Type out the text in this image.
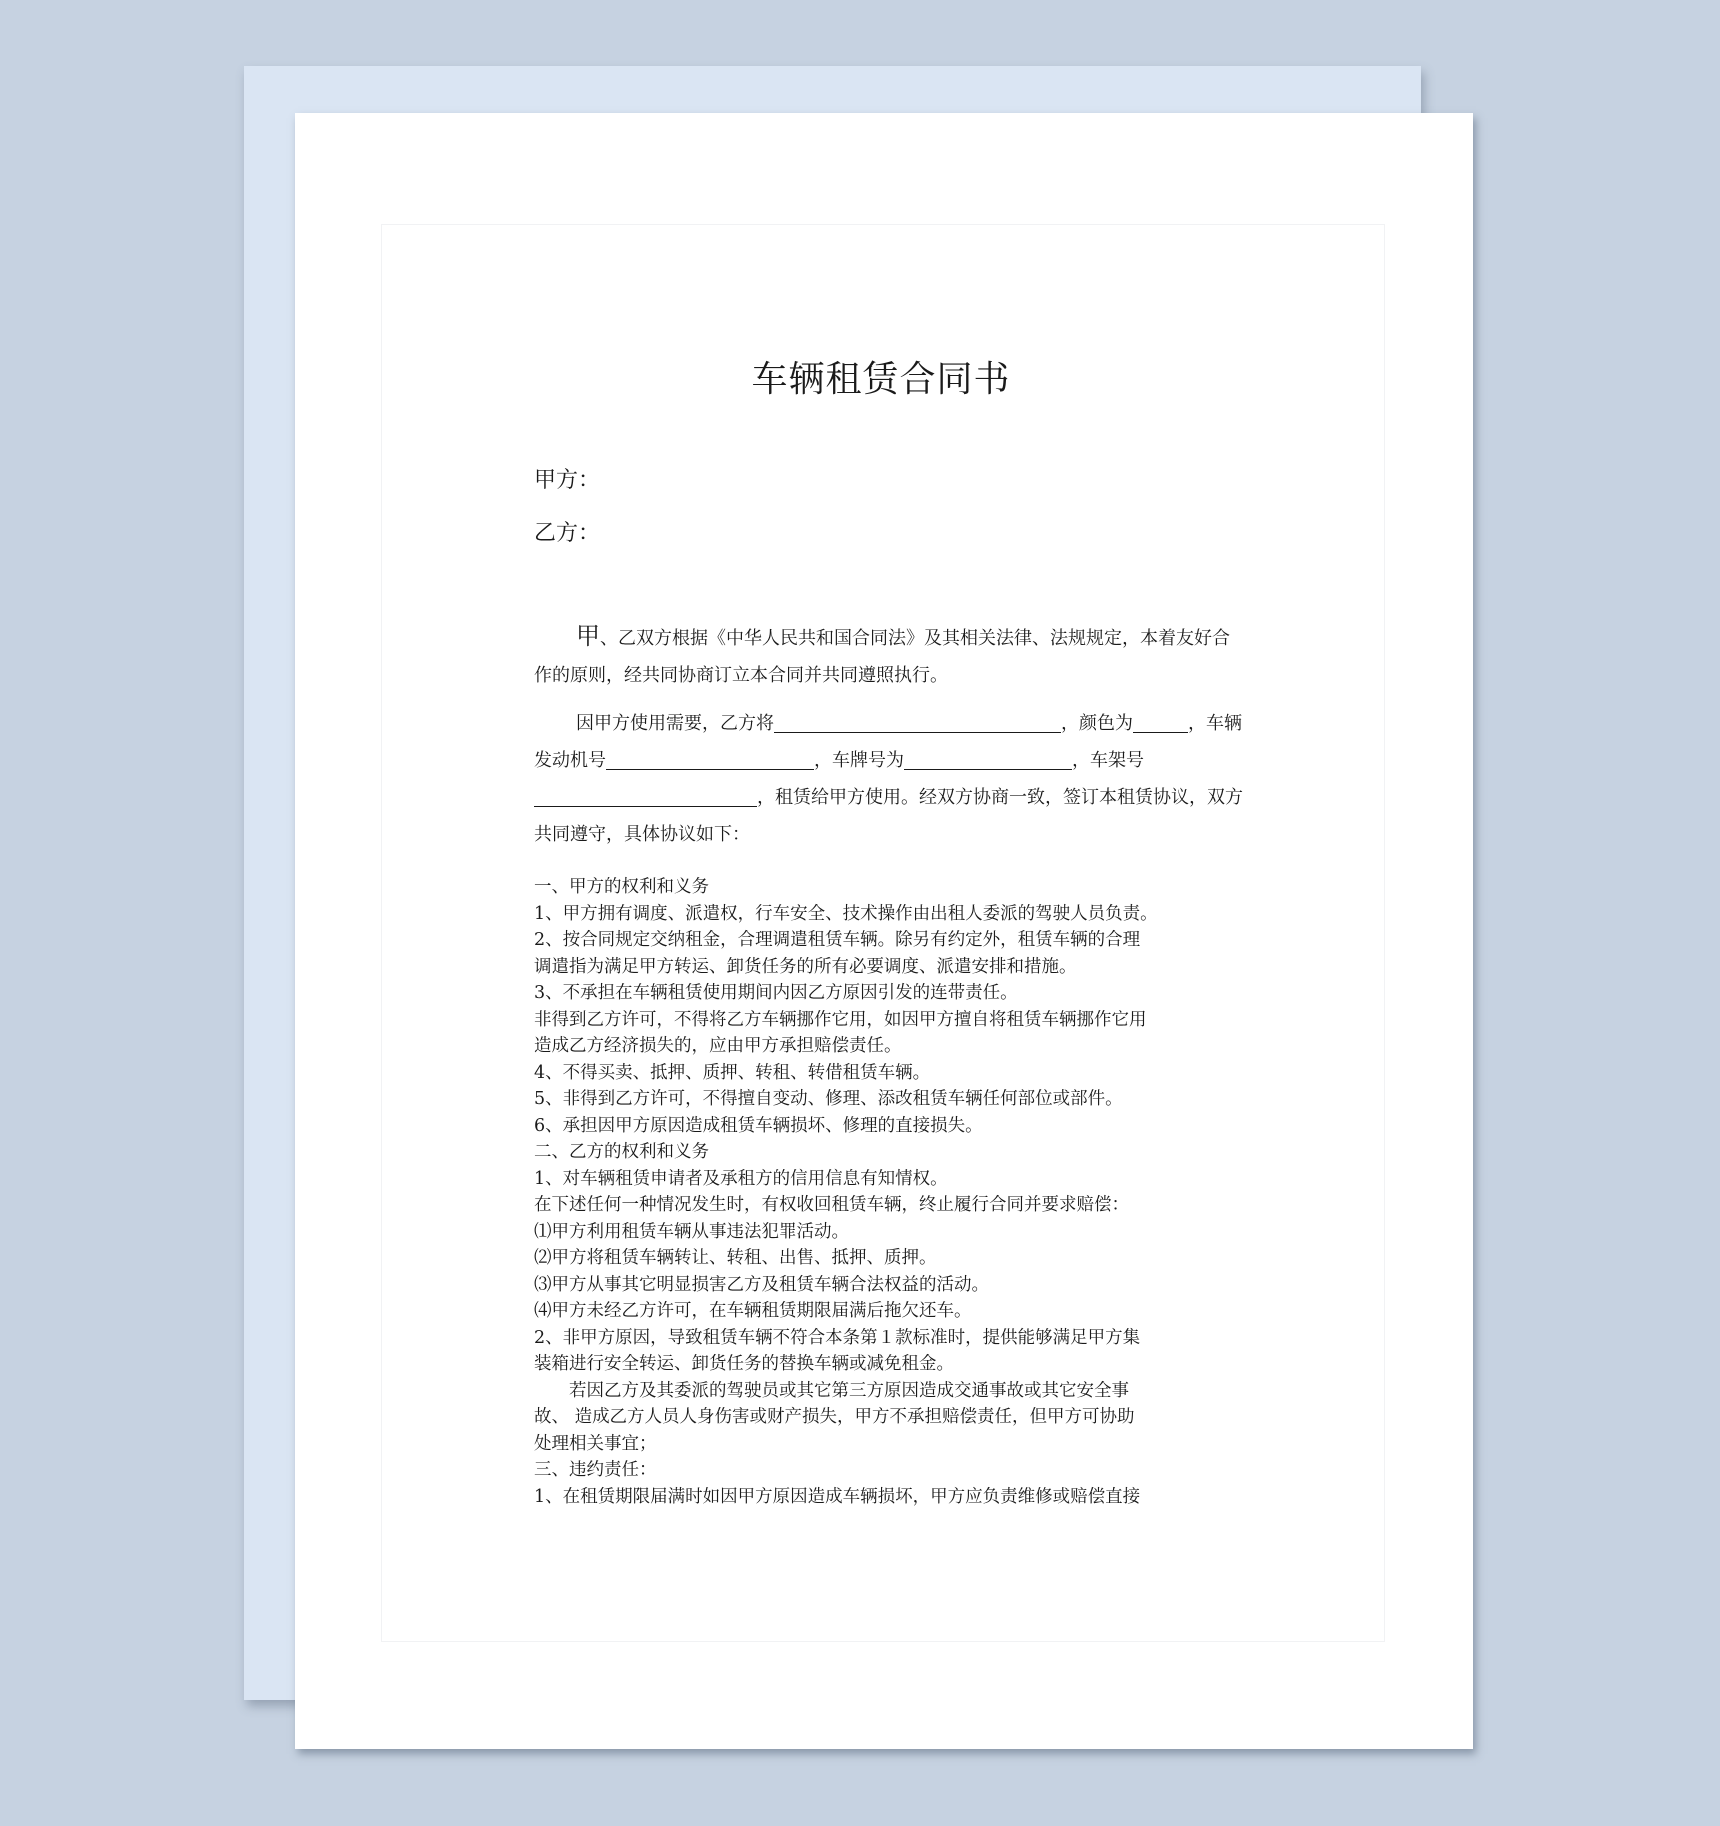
车辆租赁合同书
甲方：
乙方：

甲、乙双方根据《中华人民共和国合同法》及其相关法律、法规规定，本着友好合作的原则，经共同协商订立本合同并共同遵照执行。

因甲方使用需要，乙方将	，颜色为	，车辆发动机号	，车牌号为	，车架号，租赁给甲方使用。经双方协商一致，签订本租赁协议，双方共同遵守，具体协议如下：

一、甲方的权利和义务

1、甲方拥有调度、派遣权，行车安全、技术操作由出租人委派的驾驶人员负责。

2、按合同规定交纳租金，合理调遣租赁车辆。除另有约定外，租赁车辆的合理

调遣指为满足甲方转运、卸货任务的所有必要调度、派遣安排和措施。

3、不承担在车辆租赁使用期间内因乙方原因引发的连带责任。

非得到乙方许可，不得将乙方车辆挪作它用，如因甲方擅自将租赁车辆挪作它用

造成乙方经济损失的，应由甲方承担赔偿责任。

4、不得买卖、抵押、质押、转租、转借租赁车辆。

5、非得到乙方许可，不得擅自变动、修理、添改租赁车辆任何部位或部件。

6、承担因甲方原因造成租赁车辆损坏、修理的直接损失。

二、乙方的权利和义务

1、对车辆租赁申请者及承租方的信用信息有知情权。

在下述任何一种情况发生时，有权收回租赁车辆，终止履行合同并要求赔偿：

⑴甲方利用租赁车辆从事违法犯罪活动。

⑵甲方将租赁车辆转让、转租、出售、抵押、质押。

⑶甲方从事其它明显损害乙方及租赁车辆合法权益的活动。

⑷甲方未经乙方许可，在车辆租赁期限届满后拖欠还车。

2、非甲方原因，导致租赁车辆不符合本条第１款标准时，提供能够满足甲方集

装箱进行安全转运、卸货任务的替换车辆或减免租金。

　　若因乙方及其委派的驾驶员或其它第三方原因造成交通事故或其它安全事

故、 造成乙方人员人身伤害或财产损失，甲方不承担赔偿责任，但甲方可协助

处理相关事宜；

三、违约责任：

1、在租赁期限届满时如因甲方原因造成车辆损坏，甲方应负责维修或赔偿直接
